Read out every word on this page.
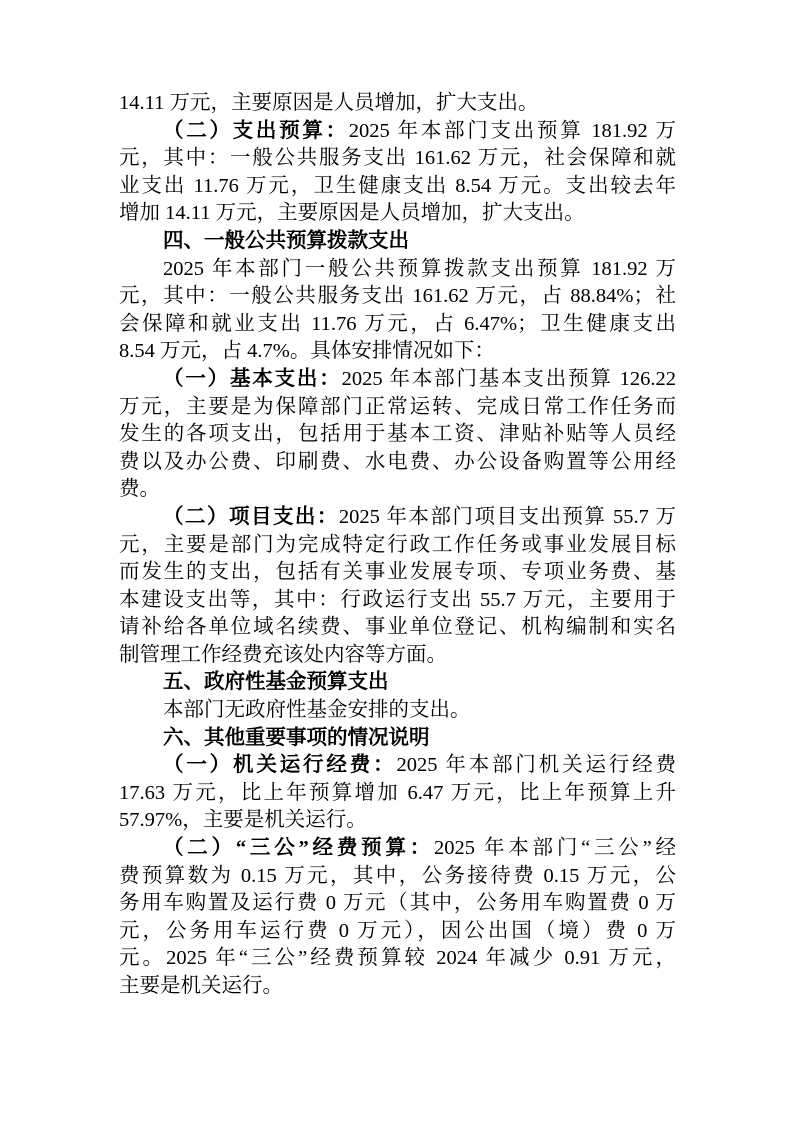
14.11 万元，主要原因是人员增加，扩大支出。
（二）支出预算：2025 年本部门支出预算 181.92 万
元，其中：一般公共服务支出 161.62 万元，社会保障和就
业支出 11.76 万元，卫生健康支出 8.54 万元。支出较去年
增加 14.11 万元，主要原因是人员增加，扩大支出。
四、一般公共预算拨款支出
2025 年本部门一般公共预算拨款支出预算 181.92 万
元，其中：一般公共服务支出 161.62 万元，占 88.84%；社
会保障和就业支出 11.76 万元，占 6.47%；卫生健康支出
8.54 万元，占 4.7%。具体安排情况如下：
（一）基本支出：2025 年本部门基本支出预算 126.22
万元，主要是为保障部门正常运转、完成日常工作任务而
发生的各项支出，包括用于基本工资、津贴补贴等人员经
费以及办公费、印刷费、水电费、办公设备购置等公用经
费。
（二）项目支出：2025 年本部门项目支出预算 55.7 万
元，主要是部门为完成特定行政工作任务或事业发展目标
而发生的支出，包括有关事业发展专项、专项业务费、基
本建设支出等，其中：行政运行支出 55.7 万元，主要用于
请补给各单位域名续费、事业单位登记、机构编制和实名
制管理工作经费充该处内容等方面。
五、政府性基金预算支出
本部门无政府性基金安排的支出。
六、其他重要事项的情况说明
（一）机关运行经费：2025 年本部门机关运行经费
17.63 万元，比上年预算增加 6.47 万元，比上年预算上升
57.97%，主要是机关运行。
（二）“三公”经费预算：2025 年本部门“三公”经
费预算数为 0.15 万元，其中，公务接待费 0.15 万元，公
务用车购置及运行费 0 万元（其中，公务用车购置费 0 万
元，公务用车运行费 0 万元），因公出国（境）费 0 万
元。2025 年“三公”经费预算较 2024 年减少 0.91 万元，
主要是机关运行。
